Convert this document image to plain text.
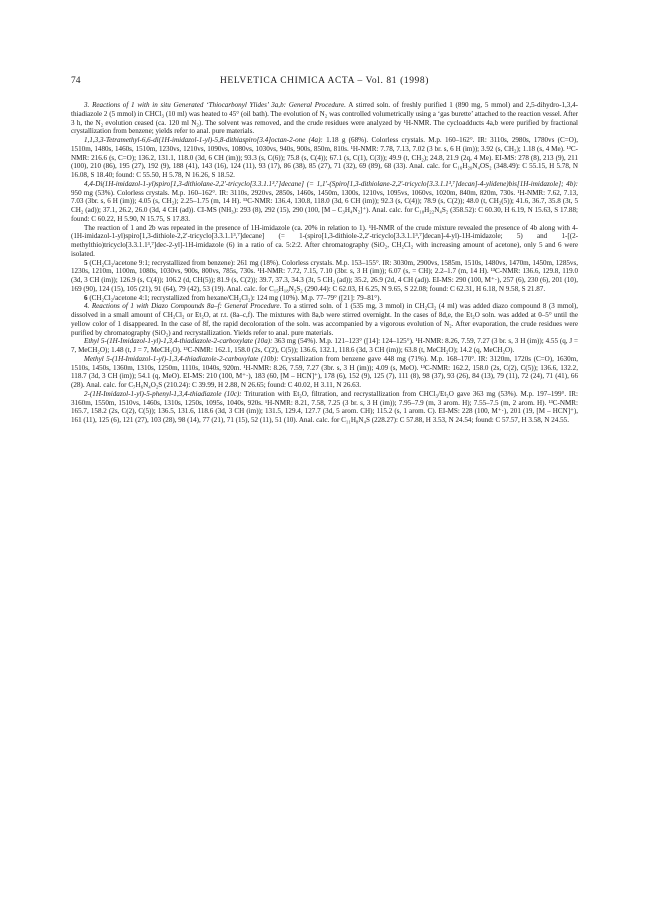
74	HELVETICA CHIMICA ACTA – Vol. 81 (1998)

3. Reactions of 1 with in situ Generated ‘Thiocarbonyl Ylides’ 3a,b: General Procedure. A stirred soln. of freshly purified 1 (890 mg, 5 mmol) and 2,5-dihydro-1,3,4-thiadiazole 2 (5 mmol) in CHCl₃ (10 ml) was heated to 45° (oil bath). The evolution of N₂ was controlled volumetrically using a ‘gas burette’ attached to the reaction vessel. After 3 h, the N₂ evolution ceased (ca. 120 ml N₂). The solvent was removed, and the crude residues were analyzed by ¹H-NMR. The cycloadducts 4a,b were purified by fractional crystallization from benzene; yields refer to anal. pure materials.

1,1,3,3-Tetramethyl-6,6-di(1H-imidazol-1-yl)-5,8-dithiaspiro[3.4]octan-2-one (4a): 1.18 g (68%). Colorless crystals. M.p. 160–162°. IR: 3110s, 2980s, 1780vs (C=O), 1510m, 1480s, 1460s, 1510m, 1230vs, 1210vs, 1090vs, 1080vs, 1030vs, 940s, 900s, 850m, 810s. ¹H-NMR: 7.78, 7.13, 7.02 (3 br. s, 6 H (im)); 3.92 (s, CH₂); 1.18 (s, 4 Me). ¹³C-NMR: 216.6 (s, C=O); 136.2, 131.1, 118.0 (3d, 6 CH (im)); 93.3 (s, C(6)); 75.8 (s, C(4)); 67.1 (s, C(1), C(3)); 49.9 (t, CH₂); 24.8, 21.9 (2q, 4 Me). EI-MS: 278 (8), 213 (9), 211 (100), 210 (86), 195 (27), 192 (9), 188 (41), 143 (16), 124 (11), 93 (17), 86 (38), 85 (27), 71 (32), 69 (89), 68 (33). Anal. calc. for C₁₆H₂₀N₄OS₂ (348.49): C 55.15, H 5.78, N 16.08, S 18.40; found: C 55.50, H 5.78, N 16.26, S 18.52.

4,4-Di(1H-imidazol-1-yl)spiro[1,3-dithiolane-2,2′-tricyclo[3.3.1.1³,⁷]decane] (= 1,1′-(Spiro[1,3-dithiolane-2,2′-tricyclo[3.3.1.1³,⁷]decan]-4-ylidene)bis[1H-imidazole]; 4b): 950 mg (53%). Colorless crystals. M.p. 160–162°. IR: 3110s, 2920vs, 2850s, 1460s, 1450m, 1300s, 1210vs, 1095vs, 1060vs, 1020m, 840m, 820m, 730s. ¹H-NMR: 7.62, 7.13, 7.03 (3br. s, 6 H (im)); 4.05 (s, CH₂); 2.25–1.75 (m, 14 H). ¹³C-NMR: 136.4, 130.8, 118.0 (3d, 6 CH (im)); 92.3 (s, C(4)); 78.9 (s, C(2)); 48.0 (t, CH₂(5)); 41.6, 36.7, 35.8 (3t, 5 CH₂ (ad)); 37.1, 26.2, 26.0 (3d, 4 CH (ad)). CI-MS (NH₃): 293 (8), 292 (15), 290 (100, [M – C₃H₄N₂]⁺). Anal. calc. for C₁₈H₂₂N₄S₂ (358.52): C 60.30, H 6.19, N 15.63, S 17.88; found: C 60.22, H 5.90, N 15.75, S 17.83.

The reaction of 1 and 2b was repeated in the presence of 1H-imidazole (ca. 20% in relation to 1). ¹H-NMR of the crude mixture revealed the presence of 4b along with 4-(1H-imidazol-1-yl)spiro[1,3-dithiole-2,2′-tricyclo[3.3.1.1³,⁷]decane] (= 1-(spiro[1,3-dithiole-2,2′-tricyclo[3.3.1.1³,⁷]decan]-4-yl)-1H-imidazole; 5) and 1-[(2-methylthio)tricyclo[3.3.1.1³,⁷]dec-2-yl]-1H-imidazole (6) in a ratio of ca. 5:2:2. After chromatography (SiO₂, CH₂Cl₂ with increasing amount of acetone), only 5 and 6 were isolated.

5 (CH₂Cl₂/acetone 9:1; recrystallized from benzene): 261 mg (18%). Colorless crystals. M.p. 153–155°. IR: 3030m, 2900vs, 1585m, 1510s, 1480vs, 1470m, 1450m, 1285vs, 1230s, 1210m, 1100m, 1080s, 1030vs, 900s, 800vs, 785s, 730s. ¹H-NMR: 7.72, 7.15, 7.10 (3br. s, 3 H (im)); 6.07 (s, = CH); 2.2–1.7 (m, 14 H). ¹³C-NMR: 136.6, 129.8, 119.0 (3d, 3 CH (im)); 126.9 (s, C(4)); 106.2 (d, CH(5)); 81.9 (s, C(2)); 39.7, 37.3, 34.3 (3t, 5 CH₂ (ad)); 35.2, 26.9 (2d, 4 CH (ad)). EI-MS: 290 (100, M⁺·), 257 (6), 230 (6), 201 (10), 169 (90), 124 (15), 105 (21), 91 (64), 79 (42), 53 (19). Anal. calc. for C₁₅H₁₈N₂S₂ (290.44): C 62.03, H 6.25, N 9.65, S 22.08; found: C 62.31, H 6.18, N 9.58, S 21.87.

6 (CH₂Cl₂/acetone 4:1; recrystallized from hexane/CH₂Cl₂): 124 mg (10%). M.p. 77–79° ([21]: 79–81°).

4. Reactions of 1 with Diazo Compounds 8a–f: General Procedure. To a stirred soln. of 1 (535 mg, 3 mmol) in CH₂Cl₂ (4 ml) was added diazo compound 8 (3 mmol), dissolved in a small amount of CH₂Cl₂ or Et₂O, at r.t. (8a–c,f). The mixtures with 8a,b were stirred overnight. In the cases of 8d,e, the Et₂O soln. was added at 0–5° until the yellow color of 1 disappeared. In the case of 8f, the rapid decoloration of the soln. was accompanied by a vigorous evolution of N₂. After evaporation, the crude residues were purified by chromatography (SiO₂) and recrystallization. Yields refer to anal. pure materials.

Ethyl 5-(1H-Imidazol-1-yl)-1,3,4-thiadiazole-2-carboxylate (10a): 363 mg (54%). M.p. 121–123° ([14]: 124–125°). ¹H-NMR: 8.26, 7.59, 7.27 (3 br. s, 3 H (im)); 4.55 (q, J = 7, MeCH₂O); 1.48 (t, J = 7, MeCH₂O). ¹³C-NMR: 162.1, 158.0 (2s, C(2), C(5)); 136.6, 132.1, 118.6 (3d, 3 CH (im)); 63.8 (t, MeCH₂O); 14.2 (q, MeCH₂O).

Methyl 5-(1H-Imidazol-1-yl)-1,3,4-thiadiazole-2-carboxylate (10b): Crystallization from benzene gave 448 mg (71%). M.p. 168–170°. IR: 3120m, 1720s (C=O), 1630m, 1510s, 1450s, 1360m, 1310s, 1250m, 1110s, 1040s, 920m. ¹H-NMR: 8.26, 7.59, 7.27 (3br. s, 3 H (im)); 4.09 (s, MeO). ¹³C-NMR: 162.2, 158.0 (2s, C(2), C(5)); 136.6, 132.2, 118.7 (3d, 3 CH (im)); 54.1 (q, MeO). EI-MS: 210 (100, M⁺·), 183 (60, [M – HCN]⁺), 178 (6), 152 (9), 125 (7), 111 (8), 98 (37), 93 (26), 84 (13), 79 (11), 72 (24), 71 (41), 66 (28). Anal. calc. for C₇H₆N₄O₂S (210.24): C 39.99, H 2.88, N 26.65; found: C 40.02, H 3.11, N 26.63.

2-(1H-Imidazol-1-yl)-5-phenyl-1,3,4-thiadiazole (10c): Trituration with Et₂O, filtration, and recrystallization from CHCl₃/Et₂O gave 363 mg (53%). M.p. 197–199°. IR: 3160m, 1550m, 1510vs, 1460s, 1310s, 1250s, 1095s, 1040s, 920s. ¹H-NMR: 8.21, 7.58, 7.25 (3 br. s, 3 H (im)); 7.95–7.9 (m, 3 arom. H); 7.55–7.5 (m, 2 arom. H). ¹³C-NMR: 165.7, 158.2 (2s, C(2), C(5)); 136.5, 131.6, 118.6 (3d, 3 CH (im)); 131.5, 129.4, 127.7 (3d, 5 arom. CH); 115.2 (s, 1 arom. C). EI-MS: 228 (100, M⁺·), 201 (19, [M – HCN]⁺), 161 (11), 125 (6), 121 (27), 103 (28), 98 (14), 77 (21), 71 (15), 52 (11), 51 (10). Anal. calc. for C₁₁H₈N₄S (228.27): C 57.88, H 3.53, N 24.54; found: C 57.57, H 3.58, N 24.55.
